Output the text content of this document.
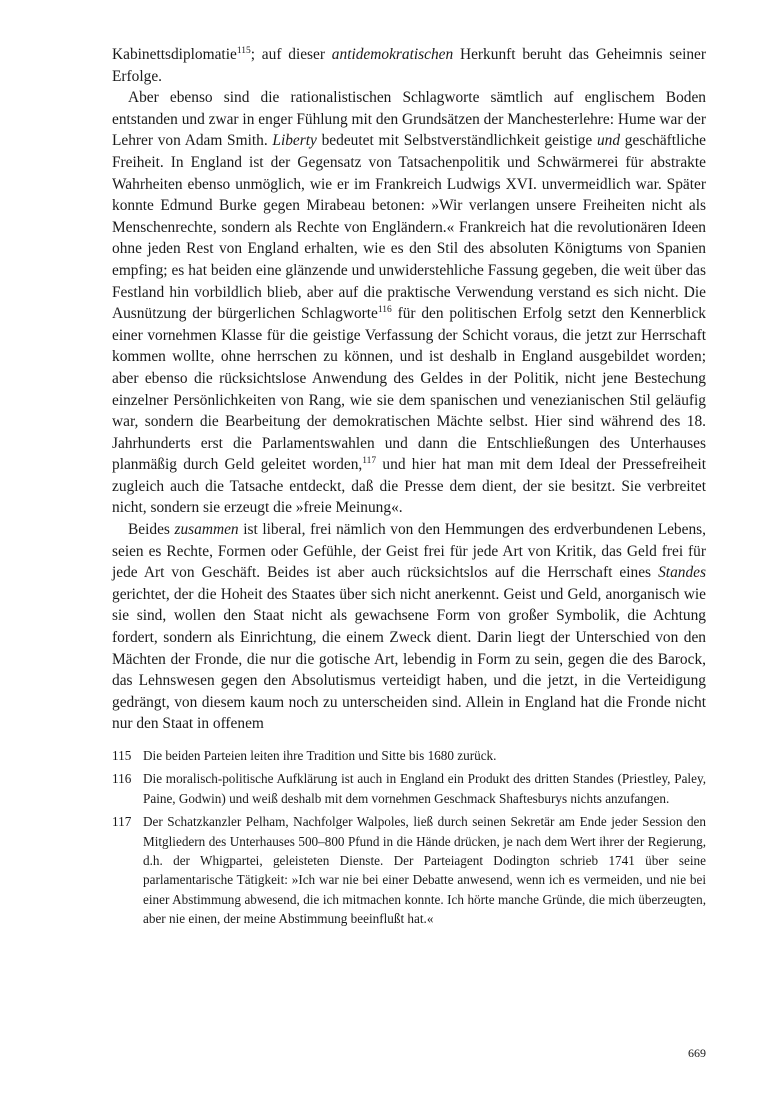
Kabinettsdiplomatie$^{115}$; auf dieser antidemokratischen Herkunft beruht das Geheimnis seiner Erfolge.

Aber ebenso sind die rationalistischen Schlagworte sämtlich auf englischem Boden entstanden und zwar in enger Fühlung mit den Grundsätzen der Manchesterlehre: Hume war der Lehrer von Adam Smith. Liberty bedeutet mit Selbstverständlichkeit geistige und geschäftliche Freiheit. In England ist der Gegensatz von Tatsachenpolitik und Schwärmerei für abstrakte Wahrheiten ebenso unmöglich, wie er im Frankreich Ludwigs XVI. unvermeidlich war. Später konnte Edmund Burke gegen Mirabeau betonen: »Wir verlangen unsere Freiheiten nicht als Menschenrechte, sondern als Rechte von Engländern.« Frankreich hat die revolutionären Ideen ohne jeden Rest von England erhalten, wie es den Stil des absoluten Königtums von Spanien empfing; es hat beiden eine glänzende und unwiderstehliche Fassung gegeben, die weit über das Festland hin vorbildlich blieb, aber auf die praktische Verwendung verstand es sich nicht. Die Ausnützung der bürgerlichen Schlagworte$^{116}$ für den politischen Erfolg setzt den Kennerblick einer vornehmen Klasse für die geistige Verfassung der Schicht voraus, die jetzt zur Herrschaft kommen wollte, ohne herrschen zu können, und ist deshalb in England ausgebildet worden; aber ebenso die rücksichtslose Anwendung des Geldes in der Politik, nicht jene Bestechung einzelner Persönlichkeiten von Rang, wie sie dem spanischen und venezianischen Stil geläufig war, sondern die Bearbeitung der demokratischen Mächte selbst. Hier sind während des 18. Jahrhunderts erst die Parlamentswahlen und dann die Entschließungen des Unterhauses planmäßig durch Geld geleitet worden,$^{117}$ und hier hat man mit dem Ideal der Pressefreiheit zugleich auch die Tatsache entdeckt, daß die Presse dem dient, der sie besitzt. Sie verbreitet nicht, sondern sie erzeugt die »freie Meinung«.

Beides zusammen ist liberal, frei nämlich von den Hemmungen des erdverbundenen Lebens, seien es Rechte, Formen oder Gefühle, der Geist frei für jede Art von Kritik, das Geld frei für jede Art von Geschäft. Beides ist aber auch rücksichtslos auf die Herrschaft eines Standes gerichtet, der die Hoheit des Staates über sich nicht anerkennt. Geist und Geld, anorganisch wie sie sind, wollen den Staat nicht als gewachsene Form von großer Symbolik, die Achtung fordert, sondern als Einrichtung, die einem Zweck dient. Darin liegt der Unterschied von den Mächten der Fronde, die nur die gotische Art, lebendig in Form zu sein, gegen die des Barock, das Lehnswesen gegen den Absolutismus verteidigt haben, und die jetzt, in die Verteidigung gedrängt, von diesem kaum noch zu unterscheiden sind. Allein in England hat die Fronde nicht nur den Staat in offenem

115 Die beiden Parteien leiten ihre Tradition und Sitte bis 1680 zurück.
116 Die moralisch-politische Aufklärung ist auch in England ein Produkt des dritten Standes (Priestley, Paley, Paine, Godwin) und weiß deshalb mit dem vornehmen Geschmack Shaftesburys nichts anzufangen.
117 Der Schatzkanzler Pelham, Nachfolger Walpoles, ließ durch seinen Sekretär am Ende jeder Session den Mitgliedern des Unterhauses 500–800 Pfund in die Hände drücken, je nach dem Wert ihrer der Regierung, d.h. der Whigpartei, geleisteten Dienste. Der Parteiagent Dodington schrieb 1741 über seine parlamentarische Tätigkeit: »Ich war nie bei einer Debatte anwesend, wenn ich es vermeiden, und nie bei einer Abstimmung abwesend, die ich mitmachen konnte. Ich hörte manche Gründe, die mich überzeugten, aber nie einen, der meine Abstimmung beeinflußt hat.«
669
